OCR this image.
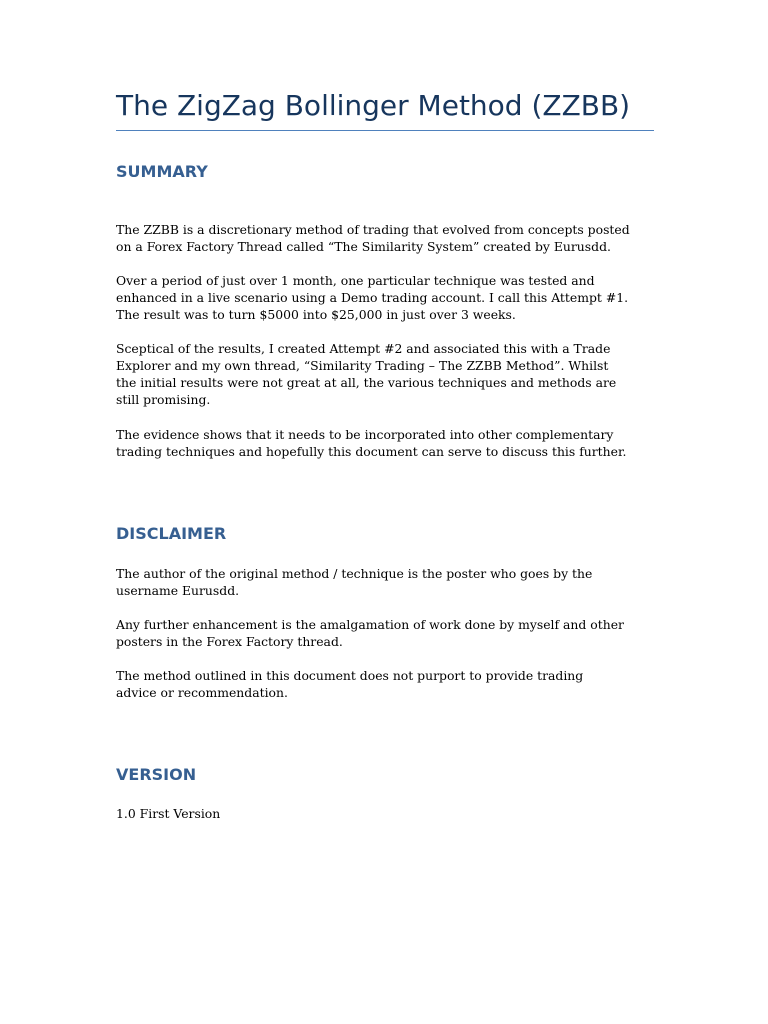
The ZigZag Bollinger Method (ZZBB)
SUMMARY

The ZZBB is a discretionary method of trading that evolved from concepts posted
on a Forex Factory Thread called “The Similarity System” created by Eurusdd.

Over a period of just over 1 month, one particular technique was tested and
enhanced in a live scenario using a Demo trading account. I call this Attempt #1.
The result was to turn $5000 into $25,000 in just over 3 weeks.

Sceptical of the results, I created Attempt #2 and associated this with a Trade
Explorer and my own thread, “Similarity Trading – The ZZBB Method”. Whilst
the initial results were not great at all, the various techniques and methods are
still promising.

The evidence shows that it needs to be incorporated into other complementary
trading techniques and hopefully this document can serve to discuss this further.

DISCLAIMER

The author of the original method / technique is the poster who goes by the
username Eurusdd.

Any further enhancement is the amalgamation of work done by myself and other
posters in the Forex Factory thread.

The method outlined in this document does not purport to provide trading
advice or recommendation.

VERSION

1.0 First Version
